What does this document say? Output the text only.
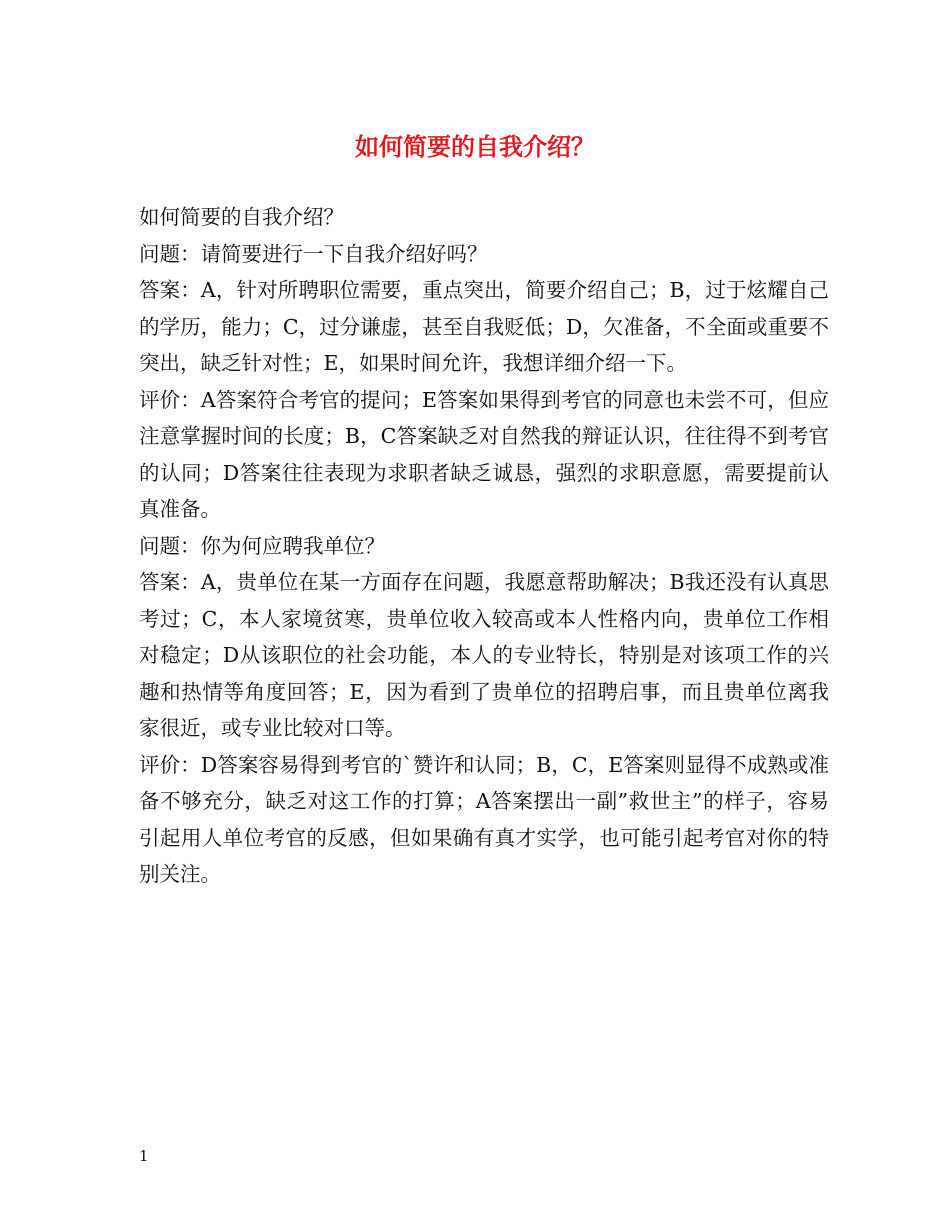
如何简要的自我介绍？

如何简要的自我介绍？

问题：请简要进行一下自我介绍好吗？

答案：A，针对所聘职位需要，重点突出，简要介绍自己；B，过于炫耀自己的学历，能力；C，过分谦虚，甚至自我贬低；D，欠准备，不全面或重要不突出，缺乏针对性；E，如果时间允许，我想详细介绍一下。

评价：A答案符合考官的提问；E答案如果得到考官的同意也未尝不可，但应注意掌握时间的长度；B，C答案缺乏对自然我的辩证认识，往往得不到考官的认同；D答案往往表现为求职者缺乏诚恳，强烈的求职意愿，需要提前认真准备。

问题：你为何应聘我单位？

答案：A，贵单位在某一方面存在问题，我愿意帮助解决；B我还没有认真思考过；C，本人家境贫寒，贵单位收入较高或本人性格内向，贵单位工作相对稳定；D从该职位的社会功能，本人的专业特长，特别是对该项工作的兴趣和热情等角度回答；E，因为看到了贵单位的招聘启事，而且贵单位离我家很近，或专业比较对口等。

评价：D答案容易得到考官的`赞许和认同；B，C，E答案则显得不成熟或准备不够充分，缺乏对这工作的打算；A答案摆出一副”救世主”的样子，容易引起用人单位考官的反感，但如果确有真才实学，也可能引起考官对你的特别关注。

1
